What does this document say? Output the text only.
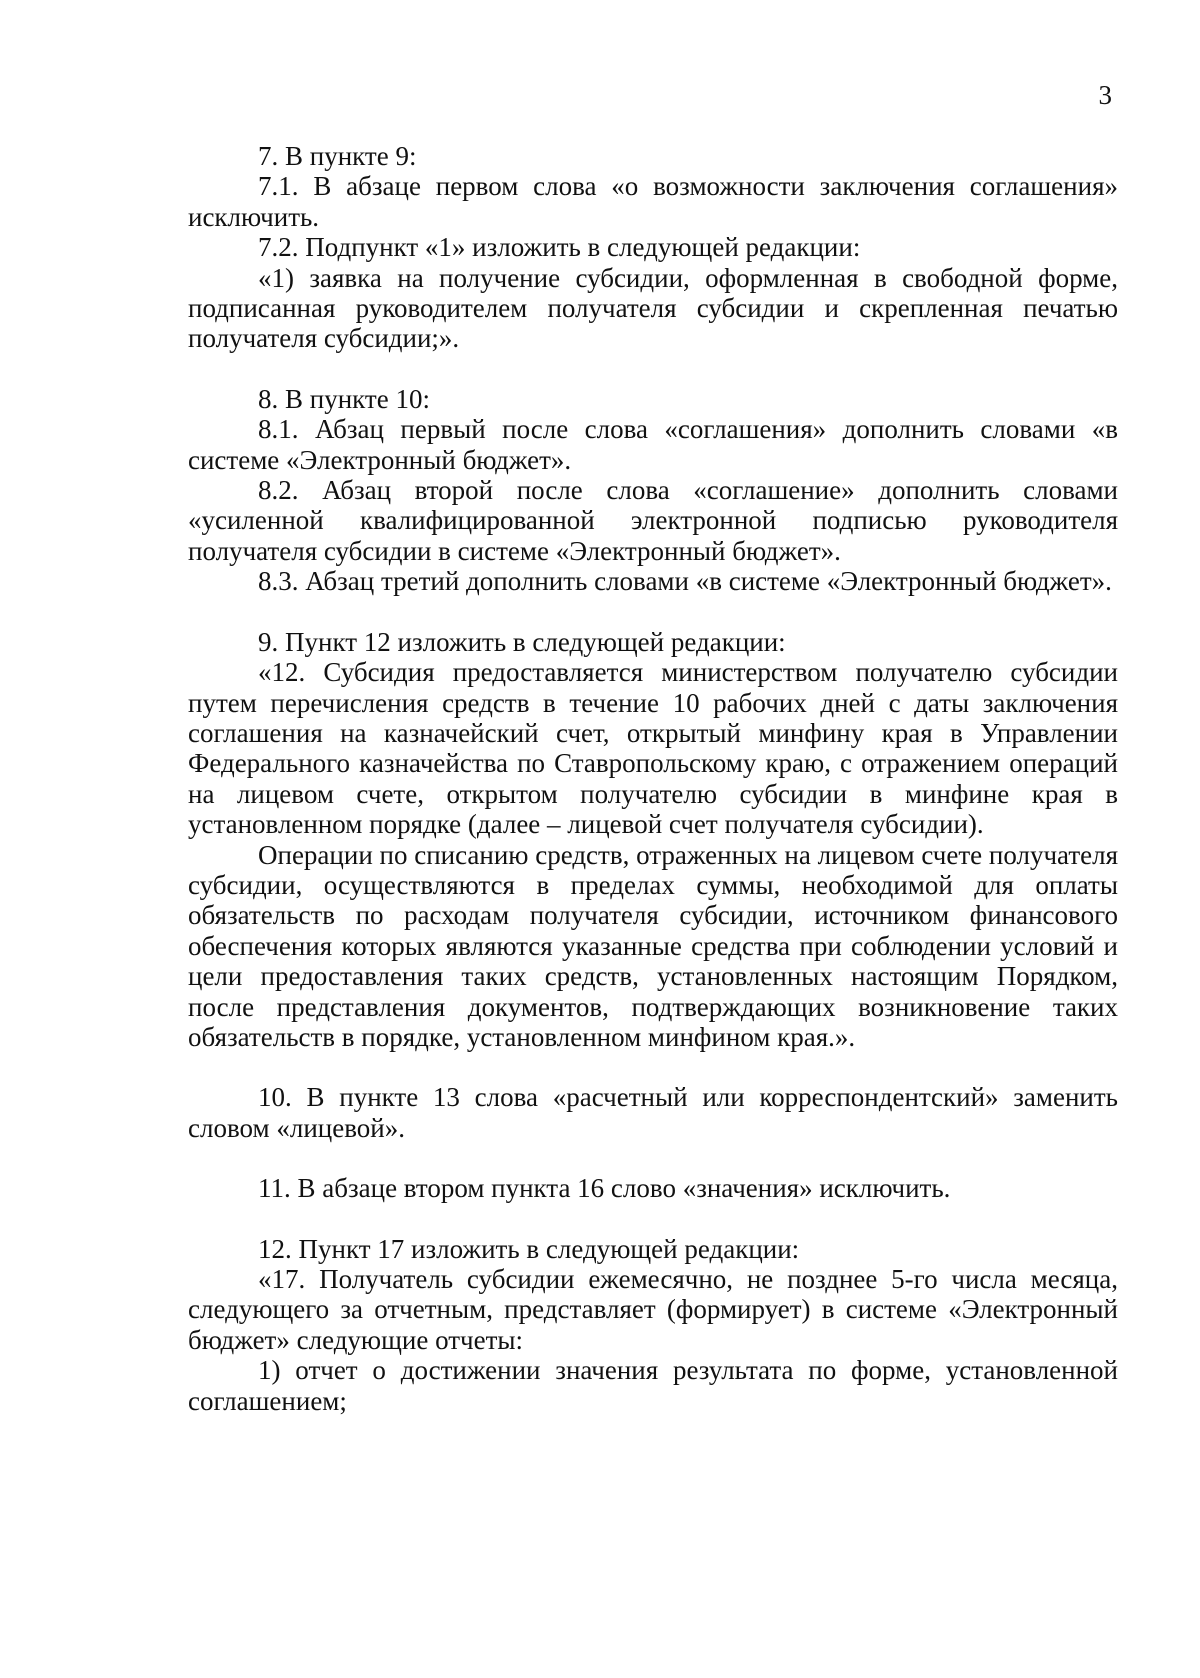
3

7. В пункте 9:

7.1. В абзаце первом слова «о возможности заключения соглашения» исключить.

7.2. Подпункт «1» изложить в следующей редакции:

«1) заявка на получение субсидии, оформленная в свободной форме, подписанная руководителем получателя субсидии и скрепленная печатью получателя субсидии;».

8. В пункте 10:

8.1. Абзац первый после слова «соглашения» дополнить словами «в системе «Электронный бюджет».

8.2. Абзац второй после слова «соглашение» дополнить словами «усиленной квалифицированной электронной подписью руководителя получателя субсидии в системе «Электронный бюджет».

8.3. Абзац третий дополнить словами «в системе «Электронный бюджет».

9. Пункт 12 изложить в следующей редакции:

«12. Субсидия предоставляется министерством получателю субсидии путем перечисления средств в течение 10 рабочих дней с даты заключения соглашения на казначейский счет, открытый минфину края в Управлении Федерального казначейства по Ставропольскому краю, с отражением операций на лицевом счете, открытом получателю субсидии в минфине края в установленном порядке (далее – лицевой счет получателя субсидии).

Операции по списанию средств, отраженных на лицевом счете получателя субсидии, осуществляются в пределах суммы, необходимой для оплаты обязательств по расходам получателя субсидии, источником финансового обеспечения которых являются указанные средства при соблюдении условий и цели предоставления таких средств, установленных настоящим Порядком, после представления документов, подтверждающих возникновение таких обязательств в порядке, установленном минфином края.».

10. В пункте 13 слова «расчетный или корреспондентский» заменить словом «лицевой».

11. В абзаце втором пункта 16 слово «значения» исключить.

12. Пункт 17 изложить в следующей редакции:

«17. Получатель субсидии ежемесячно, не позднее 5-го числа месяца, следующего за отчетным, представляет (формирует) в системе «Электронный бюджет» следующие отчеты:

1) отчет о достижении значения результата по форме, установленной соглашением;
